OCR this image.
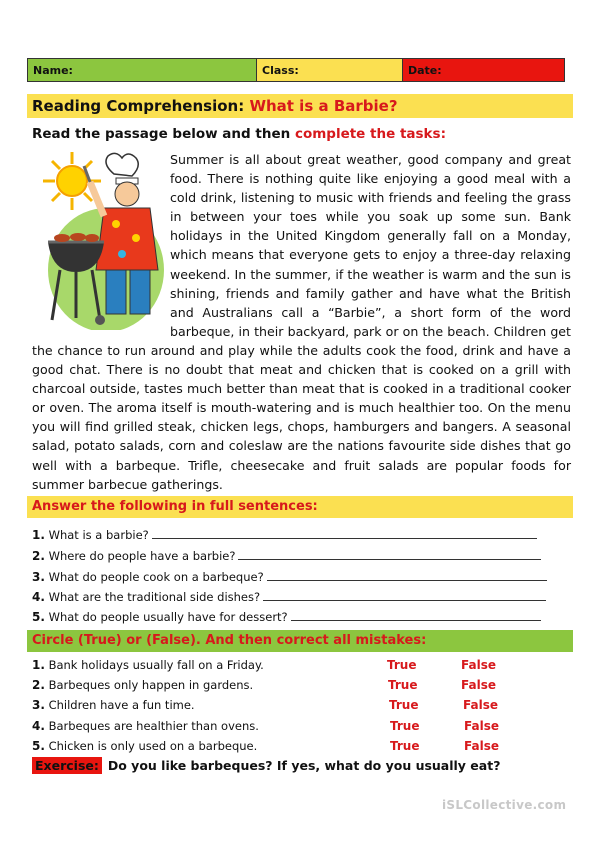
Name:	Class:	Date:
Reading Comprehension: What is a Barbie?
Read the passage below and then complete the tasks:
Summer is all about great weather, good company and great food. There is nothing quite like enjoying a good meal with a cold drink, listening to music with friends and feeling the grass in between your toes while you soak up some sun. Bank holidays in the United Kingdom generally fall on a Monday, which means that everyone gets to enjoy a three-day relaxing weekend. In the summer, if the weather is warm and the sun is shining, friends and family gather and have what the British and Australians call a “Barbie”, a short form of the word barbeque, in their backyard, park or on the beach. Children get the chance to run around and play while the adults cook the food, drink and have a good chat. There is no doubt that meat and chicken that is cooked on a grill with charcoal outside, tastes much better than meat that is cooked in a traditional cooker or oven. The aroma itself is mouth-watering and is much healthier too. On the menu you will find grilled steak, chicken legs, chops, hamburgers and bangers. A seasonal salad, potato salads, corn and coleslaw are the nations favourite side dishes that go well with a barbeque. Trifle, cheesecake and fruit salads are popular foods for summer barbecue gatherings.
Answer the following in full sentences:
1. What is a barbie?
2. Where do people have a barbie?
3. What do people cook on a barbeque?
4. What are the traditional side dishes?
5. What do people usually have for dessert?
Circle (True) or (False). And then correct all mistakes:
1. Bank holidays usually fall on a Friday.	True	False
2. Barbeques only happen in gardens.	True	False
3. Children have a fun time.	True	False
4. Barbeques are healthier than ovens.	True	False
5. Chicken is only used on a barbeque.	True	False
Exercise: Do you like barbeques? If yes, what do you usually eat?
iSLCollective.com
